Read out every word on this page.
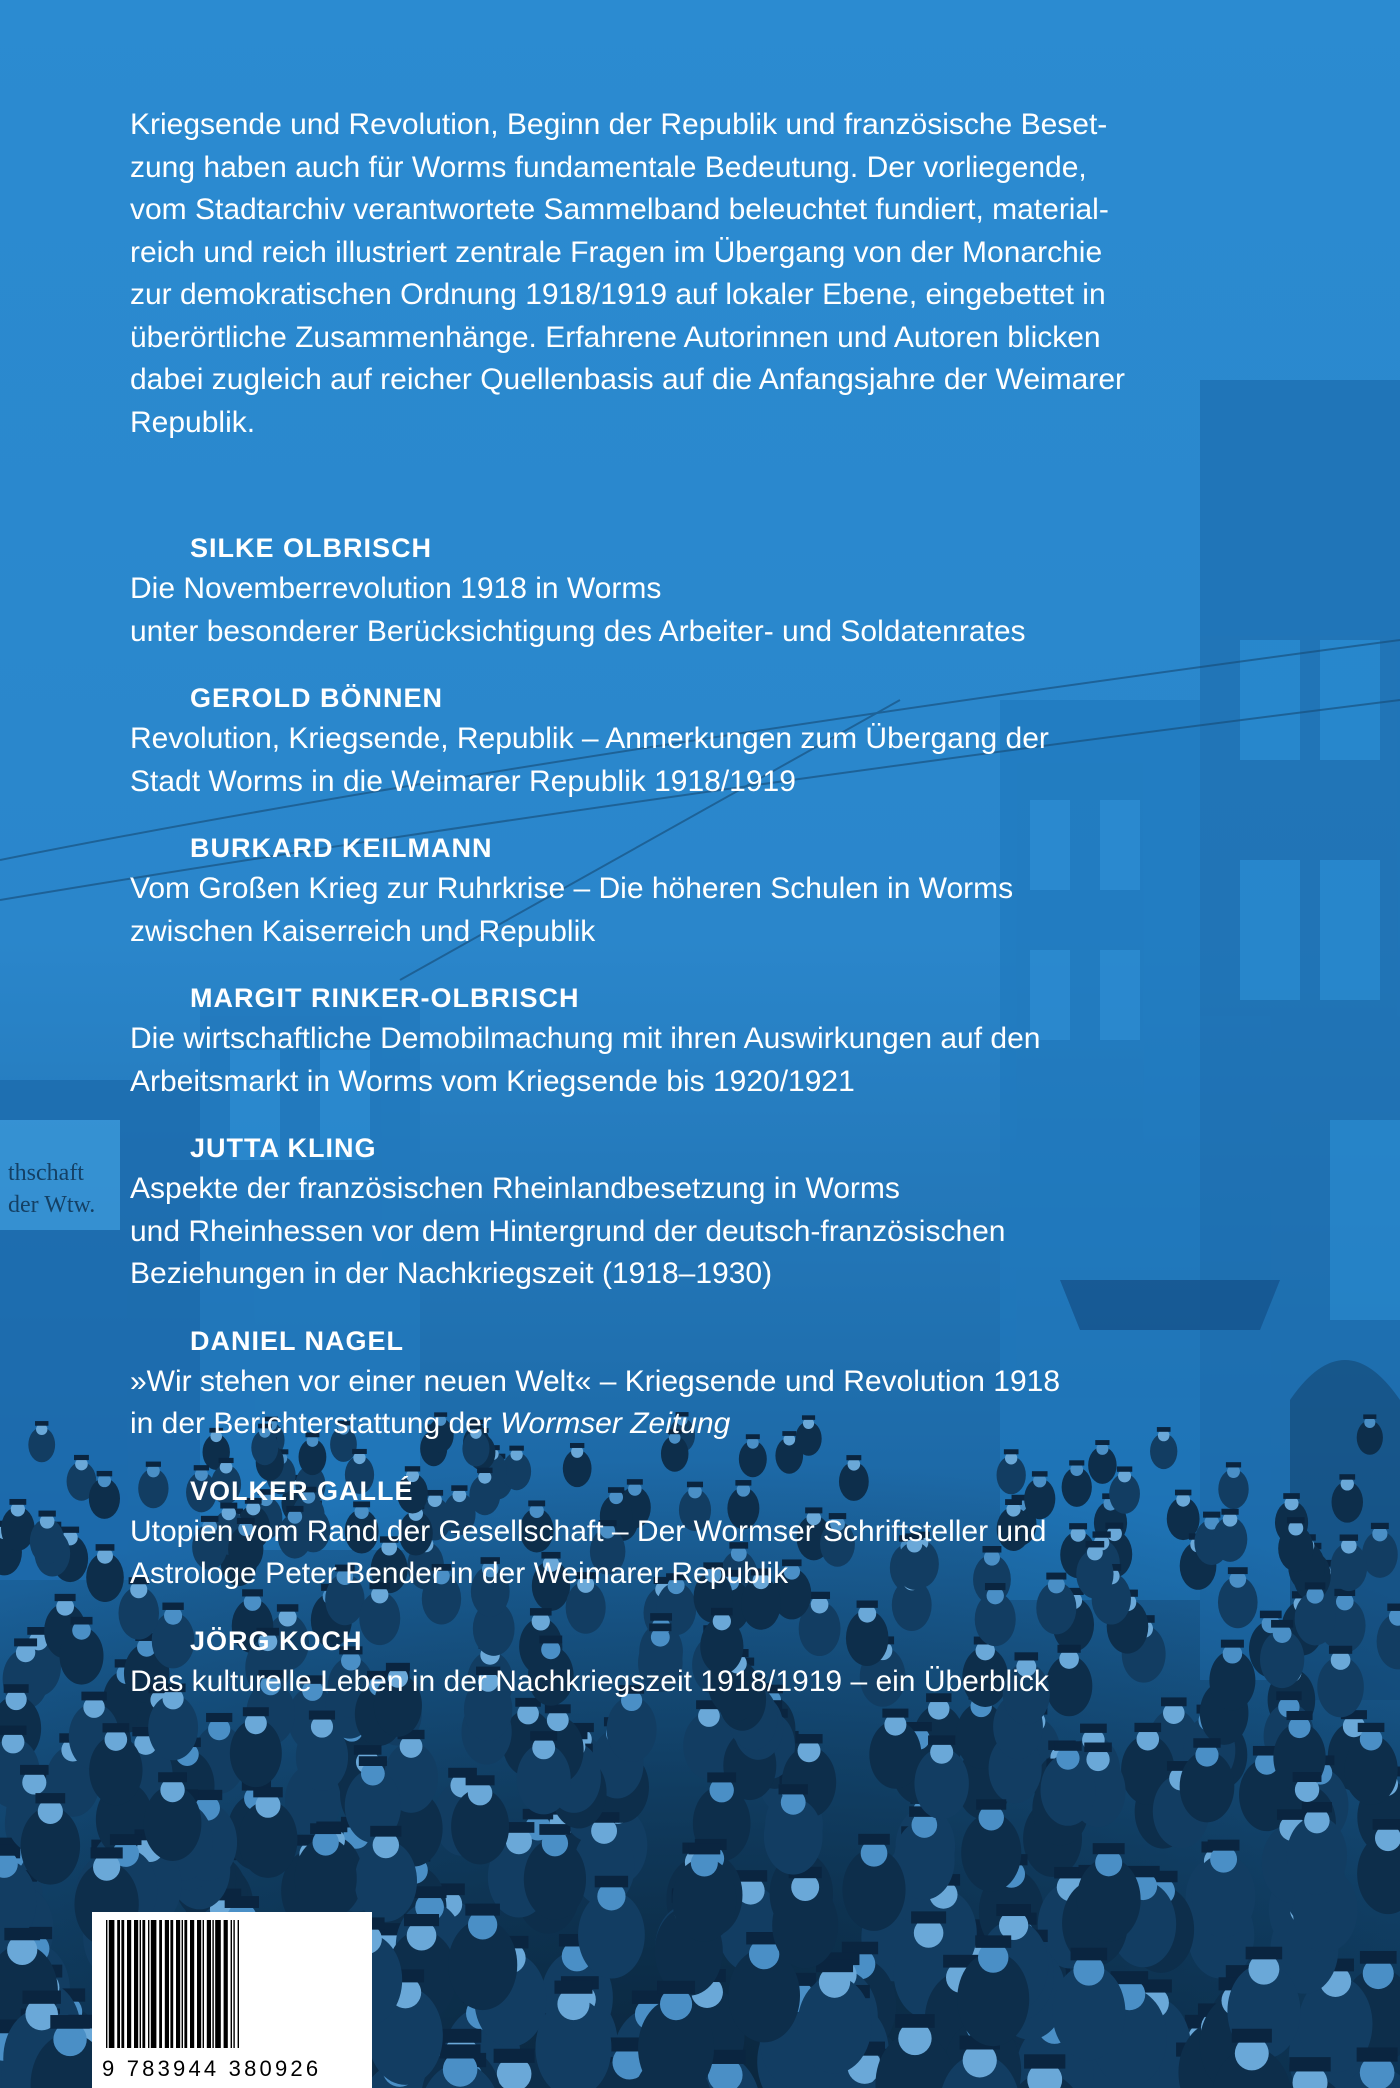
thschaft
der Wtw.
Kriegsende und Revolution, Beginn der Republik und französische Beset-
zung haben auch für Worms fundamentale Bedeutung. Der vorliegende,
vom Stadtarchiv verantwortete Sammelband beleuchtet fundiert, material-
reich und reich illustriert zentrale Fragen im Übergang von der Monarchie
zur demokratischen Ordnung 1918/1919 auf lokaler Ebene, eingebettet in
überörtliche Zusammenhänge. Erfahrene Autorinnen und Autoren blicken
dabei zugleich auf reicher Quellenbasis auf die Anfangsjahre der Weimarer
Republik.
SILKE OLBRISCH
Die Novemberrevolution 1918 in Worms
unter besonderer Berücksichtigung des Arbeiter- und Soldatenrates
GEROLD BÖNNEN
Revolution, Kriegsende, Republik – Anmerkungen zum Übergang der
Stadt Worms in die Weimarer Republik 1918/1919
BURKARD KEILMANN
Vom Großen Krieg zur Ruhrkrise – Die höheren Schulen in Worms
zwischen Kaiserreich und Republik
MARGIT RINKER-OLBRISCH
Die wirtschaftliche Demobilmachung mit ihren Auswirkungen auf den
Arbeitsmarkt in Worms vom Kriegsende bis 1920/1921
JUTTA KLING
Aspekte der französischen Rheinlandbesetzung in Worms
und Rheinhessen vor dem Hintergrund der deutsch-französischen
Beziehungen in der Nachkriegszeit (1918–1930)
DANIEL NAGEL
»Wir stehen vor einer neuen Welt« – Kriegsende und Revolution 1918
in der Berichterstattung der Wormser Zeitung
VOLKER GALLÉ
Utopien vom Rand der Gesellschaft – Der Wormser Schriftsteller und
Astrologe Peter Bender in der Weimarer Republik
JÖRG KOCH
Das kulturelle Leben in der Nachkriegszeit 1918/1919 – ein Überblick
9 783944 380926
